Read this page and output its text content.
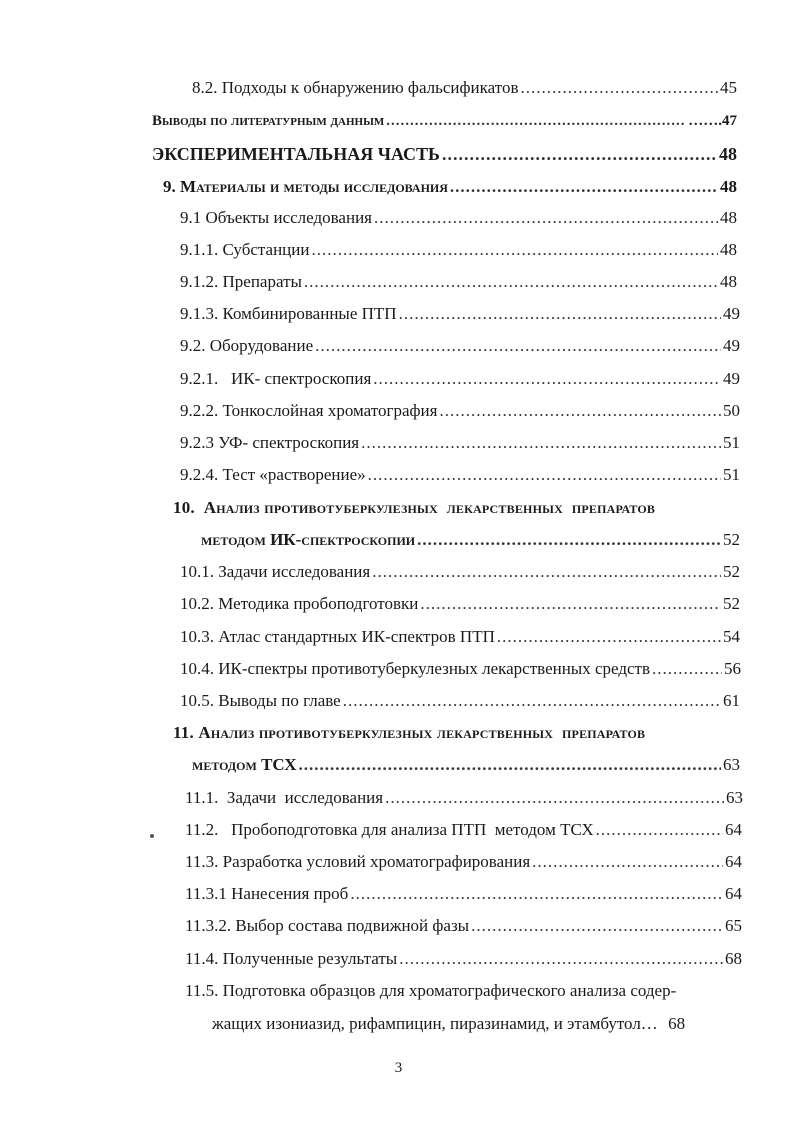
8.2. Подходы к обнаружению фальсификатов .....	45
Выводы по литературным данным .....	…….47
ЭКСПЕРИМЕНТАЛЬНАЯ ЧАСТЬ .....	48
9. Материалы и методы исследования .....	48
9.1 Объекты исследования .....	48
9.1.1. Субстанции .....	48
9.1.2. Препараты .....	48
9.1.3. Комбинированные ПТП .....	49
9.2. Оборудование .....	49
9.2.1.   ИК- спектроскопия .....	49
9.2.2. Тонкослойная хроматография .....	50
9.2.3 УФ- спектроскопия .....	51
9.2.4. Тест «растворение» .....	51
10.  Анализ противотуберкулезных  лекарственных  препаратов
методом ИК-спектроскопии .....	52
10.1. Задачи исследования .....	52
10.2. Методика пробоподготовки .....	52
10.3. Атлас стандартных ИК-спектров ПТП .....	54
10.4. ИК-спектры противотуберкулезных лекарственных средств .....	56
10.5. Выводы по главе .....	61
11. Анализ противотуберкулезных лекарственных  препаратов
методом ТСХ .....	63
11.1.  Задачи  исследования .....	63
11.2.   Пробоподготовка для анализа ПТП  методом ТСХ .....	64
11.3. Разработка условий хроматографирования .....	64
11.3.1 Нанесения проб .....	64
11.3.2. Выбор состава подвижной фазы .....	65
11.4. Полученные результаты .....	68
11.5. Подготовка образцов для хроматографического анализа содер-
жащих изониазид, рифампицин, пиразинамид, и этамбутол… 68
3
